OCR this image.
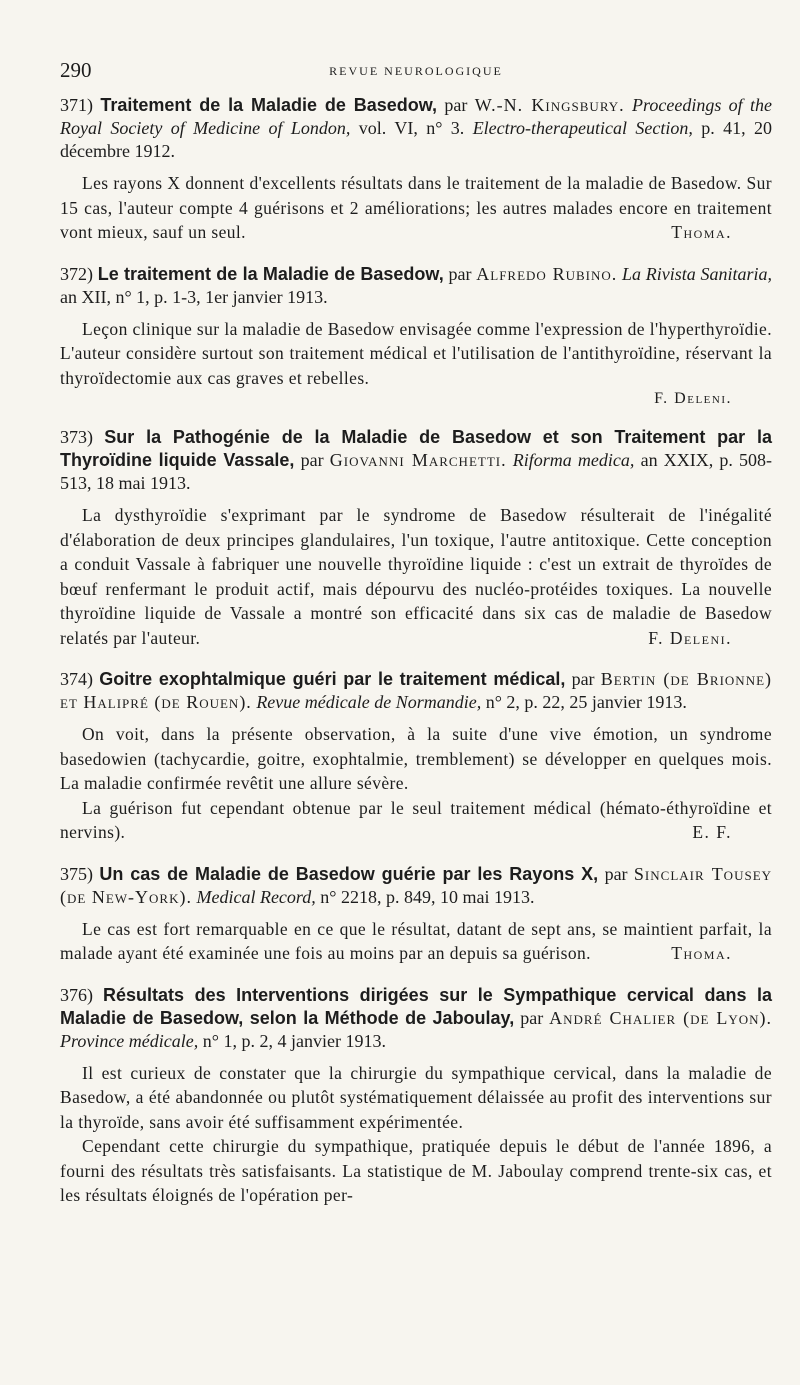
290	REVUE NEUROLOGIQUE
371) Traitement de la Maladie de Basedow, par W.-N. Kingsbury. Proceedings of the Royal Society of Medicine of London, vol. VI, n° 3. Electro-therapeutical Section, p. 41, 20 décembre 1912.

Les rayons X donnent d'excellents résultats dans le traitement de la maladie de Basedow. Sur 15 cas, l'auteur compte 4 guérisons et 2 améliorations; les autres malades encore en traitement vont mieux, sauf un seul.	Thoma.

372) Le traitement de la Maladie de Basedow, par Alfredo Rubino. La Rivista Sanitaria, an XII, n° 1, p. 1-3, 1er janvier 1913.

Leçon clinique sur la maladie de Basedow envisagée comme l'expression de l'hyperthyroïdie. L'auteur considère surtout son traitement médical et l'utilisation de l'antithyroïdine, réservant la thyroïdectomie aux cas graves et rebelles.

F. Deleni.
373) Sur la Pathogénie de la Maladie de Basedow et son Traitement par la Thyroïdine liquide Vassale, par Giovanni Marchetti. Riforma medica, an XXIX, p. 508-513, 18 mai 1913.

La dysthyroïdie s'exprimant par le syndrome de Basedow résulterait de l'inégalité d'élaboration de deux principes glandulaires, l'un toxique, l'autre antitoxique. Cette conception a conduit Vassale à fabriquer une nouvelle thyroïdine liquide : c'est un extrait de thyroïdes de bœuf renfermant le produit actif, mais dépourvu des nucléo-protéides toxiques. La nouvelle thyroïdine liquide de Vassale a montré son efficacité dans six cas de maladie de Basedow relatés par l'auteur.	F. Deleni.

374) Goitre exophtalmique guéri par le traitement médical, par Bertin (de Brionne) et Halipré (de Rouen). Revue médicale de Normandie, n° 2, p. 22, 25 janvier 1913.

On voit, dans la présente observation, à la suite d'une vive émotion, un syndrome basedowien (tachycardie, goitre, exophtalmie, tremblement) se développer en quelques mois. La maladie confirmée revêtit une allure sévère.

La guérison fut cependant obtenue par le seul traitement médical (hémato-éthyroïdine et nervins).	E. F.

375) Un cas de Maladie de Basedow guérie par les Rayons X, par Sinclair Tousey (de New-York). Medical Record, n° 2218, p. 849, 10 mai 1913.

Le cas est fort remarquable en ce que le résultat, datant de sept ans, se maintient parfait, la malade ayant été examinée une fois au moins par an depuis sa guérison.	Thoma.

376) Résultats des Interventions dirigées sur le Sympathique cervical dans la Maladie de Basedow, selon la Méthode de Jaboulay, par André Chalier (de Lyon). Province médicale, n° 1, p. 2, 4 janvier 1913.

Il est curieux de constater que la chirurgie du sympathique cervical, dans la maladie de Basedow, a été abandonnée ou plutôt systématiquement délaissée au profit des interventions sur la thyroïde, sans avoir été suffisamment expérimentée.

Cependant cette chirurgie du sympathique, pratiquée depuis le début de l'année 1896, a fourni des résultats très satisfaisants. La statistique de M. Jaboulay comprend trente-six cas, et les résultats éloignés de l'opération per-
